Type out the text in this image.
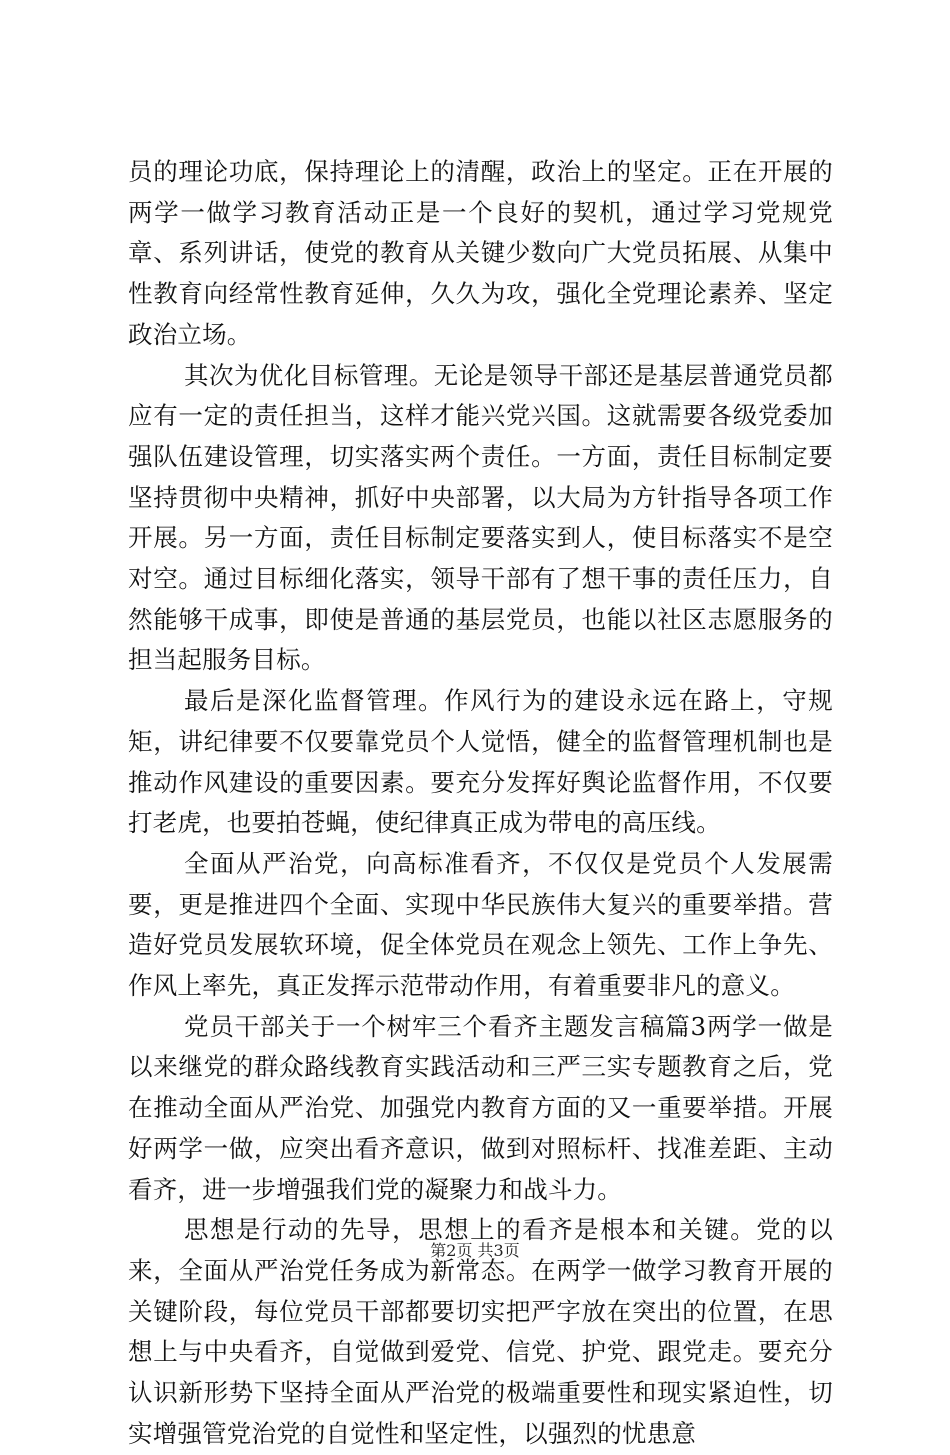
员的理论功底，保持理论上的清醒，政治上的坚定。正在开展的两学一做学习教育活动正是一个良好的契机，通过学习党规党章、系列讲话，使党的教育从关键少数向广大党员拓展、从集中性教育向经常性教育延伸，久久为攻，强化全党理论素养、坚定政治立场。

其次为优化目标管理。无论是领导干部还是基层普通党员都应有一定的责任担当，这样才能兴党兴国。这就需要各级党委加强队伍建设管理，切实落实两个责任。一方面，责任目标制定要坚持贯彻中央精神，抓好中央部署，以大局为方针指导各项工作开展。另一方面，责任目标制定要落实到人，使目标落实不是空对空。通过目标细化落实，领导干部有了想干事的责任压力，自然能够干成事，即使是普通的基层党员，也能以社区志愿服务的担当起服务目标。

最后是深化监督管理。作风行为的建设永远在路上，守规矩，讲纪律要不仅要靠党员个人觉悟，健全的监督管理机制也是推动作风建设的重要因素。要充分发挥好舆论监督作用，不仅要打老虎，也要拍苍蝇，使纪律真正成为带电的高压线。

全面从严治党，向高标准看齐，不仅仅是党员个人发展需要，更是推进四个全面、实现中华民族伟大复兴的重要举措。营造好党员发展软环境，促全体党员在观念上领先、工作上争先、作风上率先，真正发挥示范带动作用，有着重要非凡的意义。

党员干部关于一个树牢三个看齐主题发言稿篇3两学一做是以来继党的群众路线教育实践活动和三严三实专题教育之后，党在推动全面从严治党、加强党内教育方面的又一重要举措。开展好两学一做，应突出看齐意识，做到对照标杆、找准差距、主动看齐，进一步增强我们党的凝聚力和战斗力。

思想是行动的先导，思想上的看齐是根本和关键。党的以来，全面从严治党任务成为新常态。在两学一做学习教育开展的关键阶段，每位党员干部都要切实把严字放在突出的位置，在思想上与中央看齐，自觉做到爱党、信党、护党、跟党走。要充分认识新形势下坚持全面从严治党的极端重要性和现实紧迫性，切实增强管党治党的自觉性和坚定性，以强烈的忧患意

第2页 共3页
